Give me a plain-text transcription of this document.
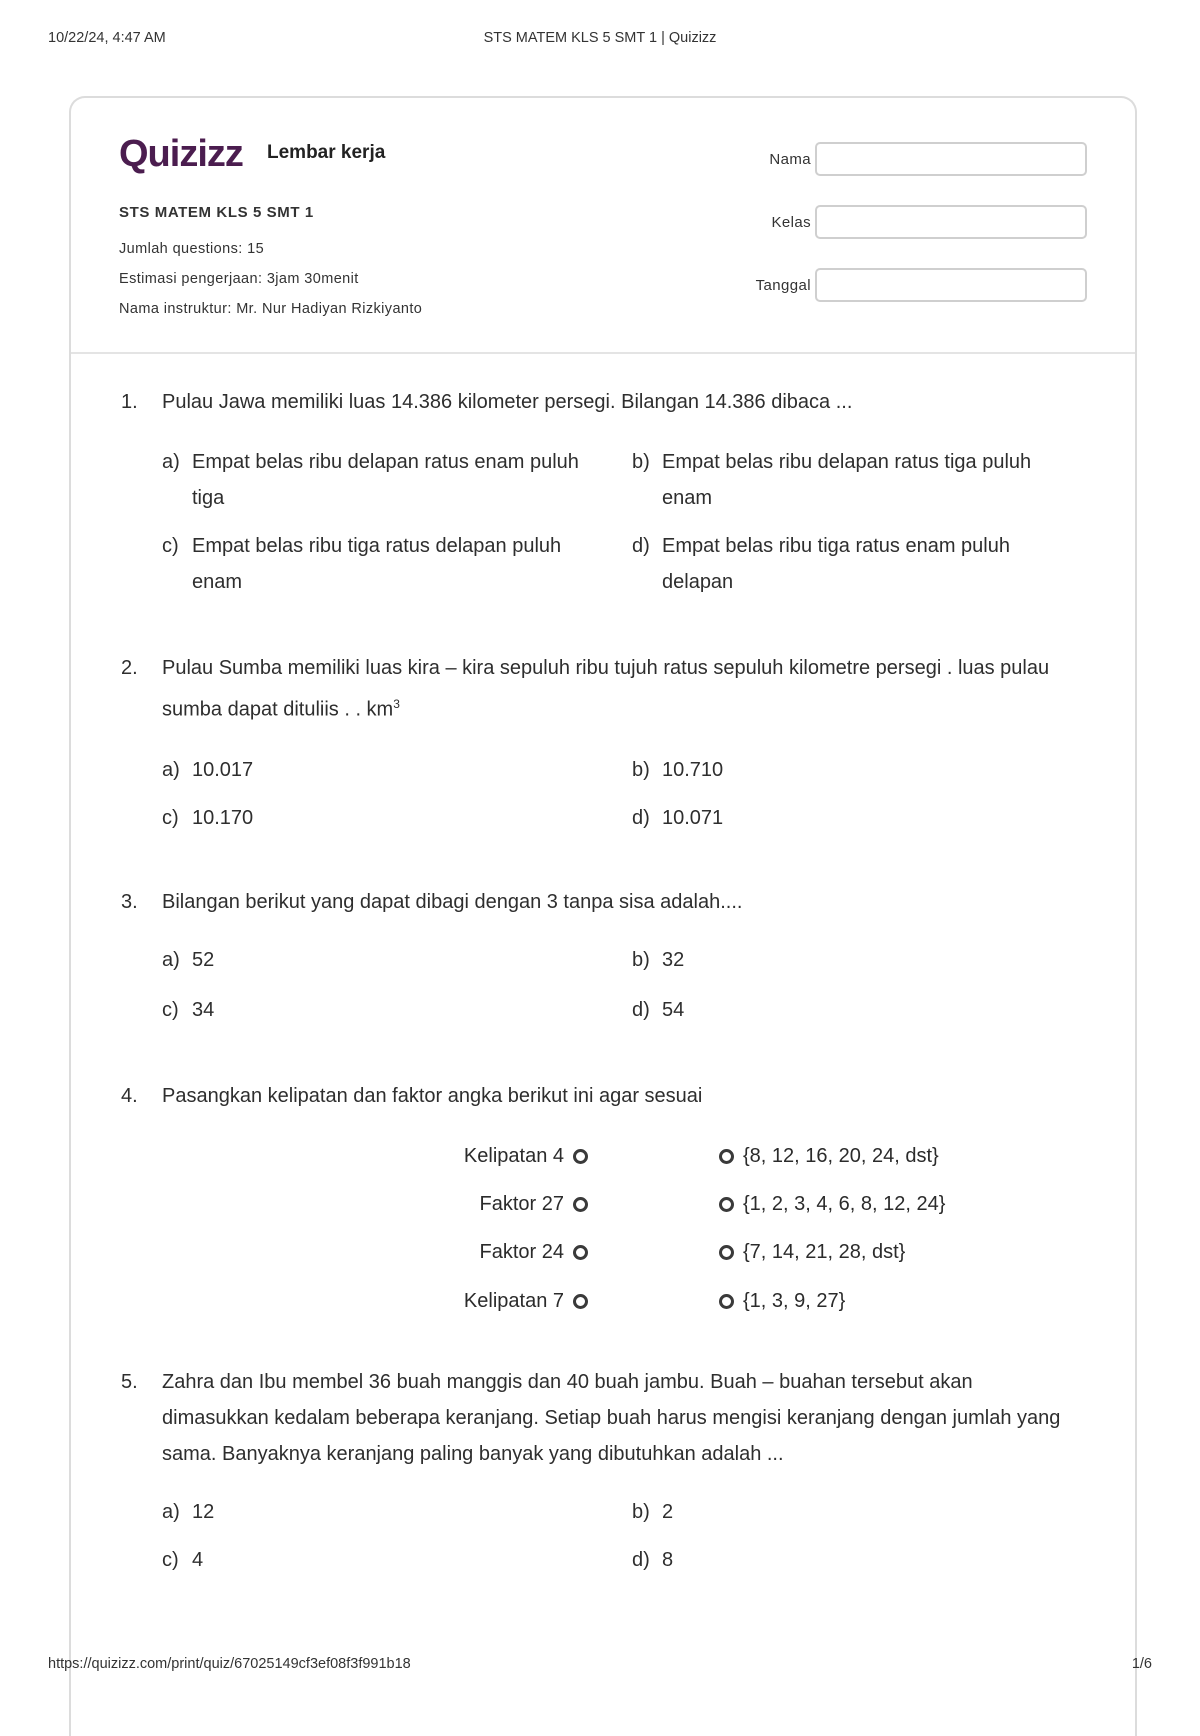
10/22/24, 4:47 AM	STS MATEM KLS 5 SMT 1 | Quizizz
Quizizz Lembar kerja
STS MATEM KLS 5 SMT 1
Jumlah questions: 15
Estimasi pengerjaan: 3jam 30menit
Nama instruktur: Mr. Nur Hadiyan Rizkiyanto
Nama
Kelas
Tanggal
1.	Pulau Jawa memiliki luas 14.386 kilometer persegi. Bilangan 14.386 dibaca ...
a) Empat belas ribu delapan ratus enam puluh tiga
b) Empat belas ribu delapan ratus tiga puluh enam
c) Empat belas ribu tiga ratus delapan puluh enam
d) Empat belas ribu tiga ratus enam puluh delapan
2.	Pulau Sumba memiliki luas kira – kira sepuluh ribu tujuh ratus sepuluh kilometre persegi . luas pulau sumba dapat dituliis . . $km^3$
a) 10.017	b) 10.710
c) 10.170	d) 10.071
3.	Bilangan berikut yang dapat dibagi dengan 3 tanpa sisa adalah....
a) 52	b) 32
c) 34	d) 54
4.	Pasangkan kelipatan dan faktor angka berikut ini agar sesuai
Kelipatan 4	{8, 12, 16, 20, 24, dst}
Faktor 27	{1, 2, 3, 4, 6, 8, 12, 24}
Faktor 24	{7, 14, 21, 28, dst}
Kelipatan 7	{1, 3, 9, 27}
5.	Zahra dan Ibu membel 36 buah manggis dan 40 buah jambu. Buah – buahan tersebut akan dimasukkan kedalam beberapa keranjang. Setiap buah harus mengisi keranjang dengan jumlah yang sama. Banyaknya keranjang paling banyak yang dibutuhkan adalah ...
a) 12	b) 2
c) 4	d) 8
https://quizizz.com/print/quiz/67025149cf3ef08f3f991b18	1/6
